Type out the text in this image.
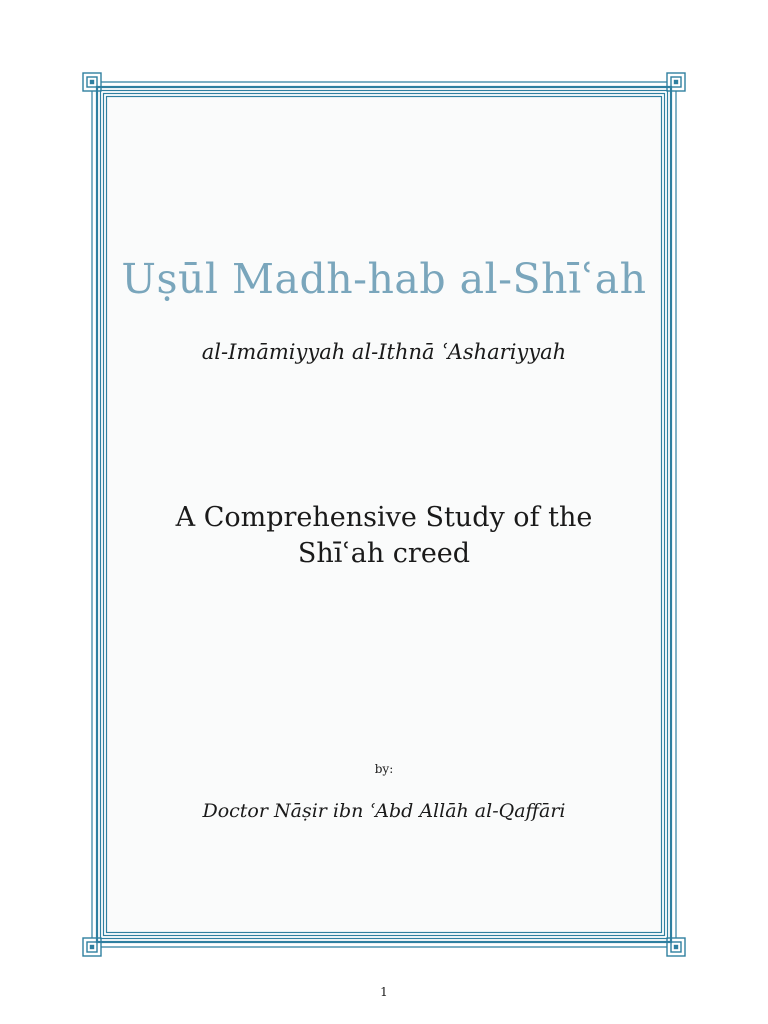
Uṣūl Madh-hab al-Shīʿah
al-Imāmiyyah al-Ithnā ʿAshariyyah
A Comprehensive Study of the
Shīʿah creed
by:
Doctor Nāṣir ibn ʿAbd Allāh al-Qaffāri
1
